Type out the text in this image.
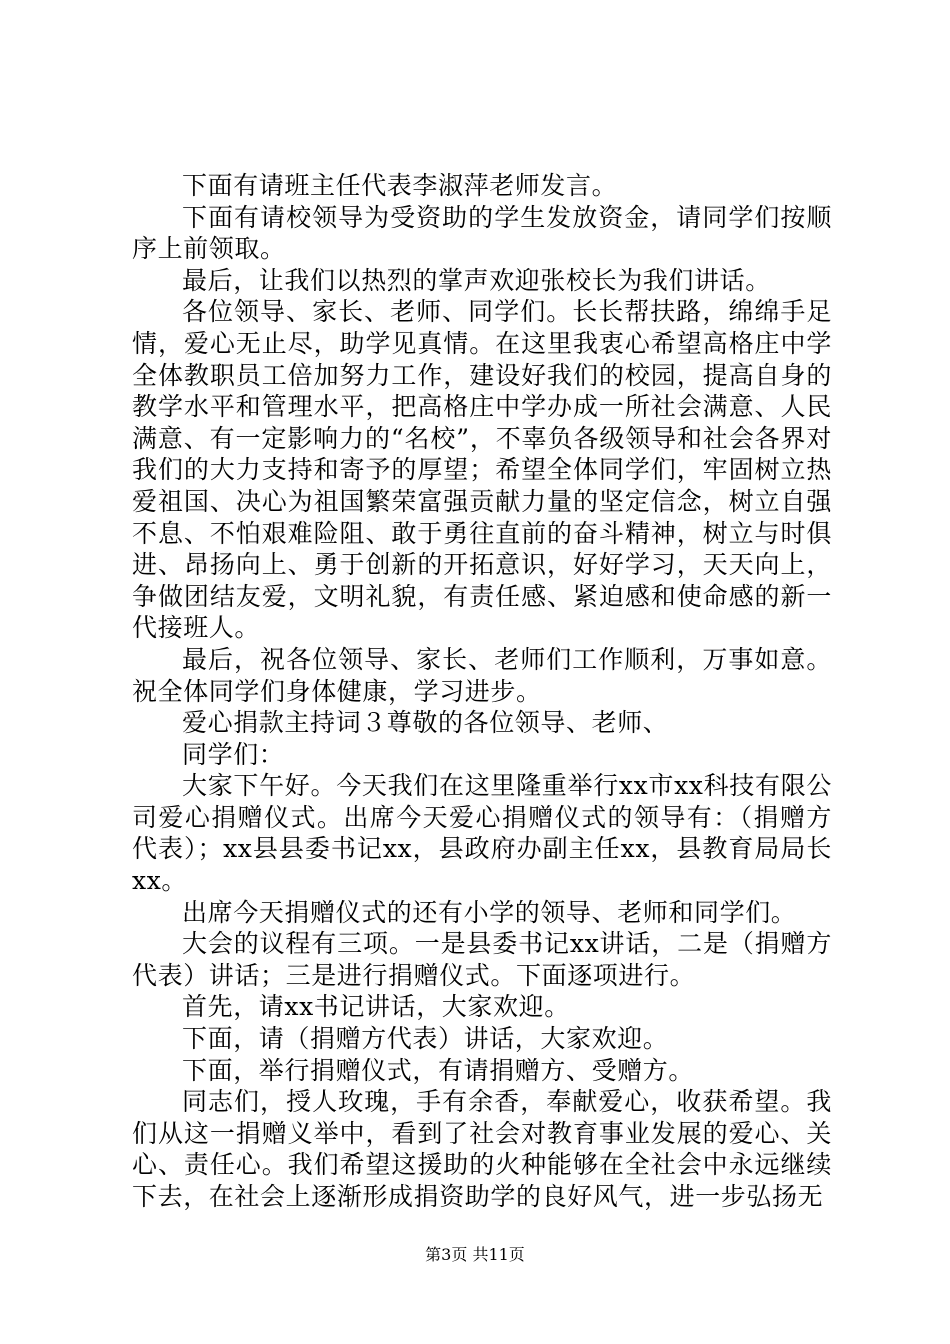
下面有请班主任代表李淑萍老师发言。

下面有请校领导为受资助的学生发放资金，请同学们按顺序上前领取。

最后，让我们以热烈的掌声欢迎张校长为我们讲话。

各位领导、家长、老师、同学们。长长帮扶路，绵绵手足情，爱心无止尽，助学见真情。在这里我衷心希望高格庄中学全体教职员工倍加努力工作，建设好我们的校园，提高自身的教学水平和管理水平，把高格庄中学办成一所社会满意、人民满意、有一定影响力的“名校”，不辜负各级领导和社会各界对我们的大力支持和寄予的厚望；希望全体同学们，牢固树立热爱祖国、决心为祖国繁荣富强贡献力量的坚定信念，树立自强不息、不怕艰难险阻、敢于勇往直前的奋斗精神，树立与时俱进、昂扬向上、勇于创新的开拓意识，好好学习，天天向上，争做团结友爱，文明礼貌，有责任感、紧迫感和使命感的新一代接班人。

最后，祝各位领导、家长、老师们工作顺利，万事如意。祝全体同学们身体健康，学习进步。

爱心捐款主持词３尊敬的各位领导、老师、

同学们：

大家下午好。今天我们在这里隆重举行xx市xx科技有限公司爱心捐赠仪式。出席今天爱心捐赠仪式的领导有：（捐赠方代表）；xx县县委书记xx，县政府办副主任xx，县教育局局长xx。

出席今天捐赠仪式的还有小学的领导、老师和同学们。

大会的议程有三项。一是县委书记xx讲话，二是（捐赠方代表）讲话；三是进行捐赠仪式。下面逐项进行。

首先，请xx书记讲话，大家欢迎。

下面，请（捐赠方代表）讲话，大家欢迎。

下面，举行捐赠仪式，有请捐赠方、受赠方。

同志们，授人玫瑰，手有余香，奉献爱心，收获希望。我们从这一捐赠义举中，看到了社会对教育事业发展的爱心、关心、责任心。我们希望这援助的火种能够在全社会中永远继续下去，在社会上逐渐形成捐资助学的良好风气，进一步弘扬无

第3页 共11页
